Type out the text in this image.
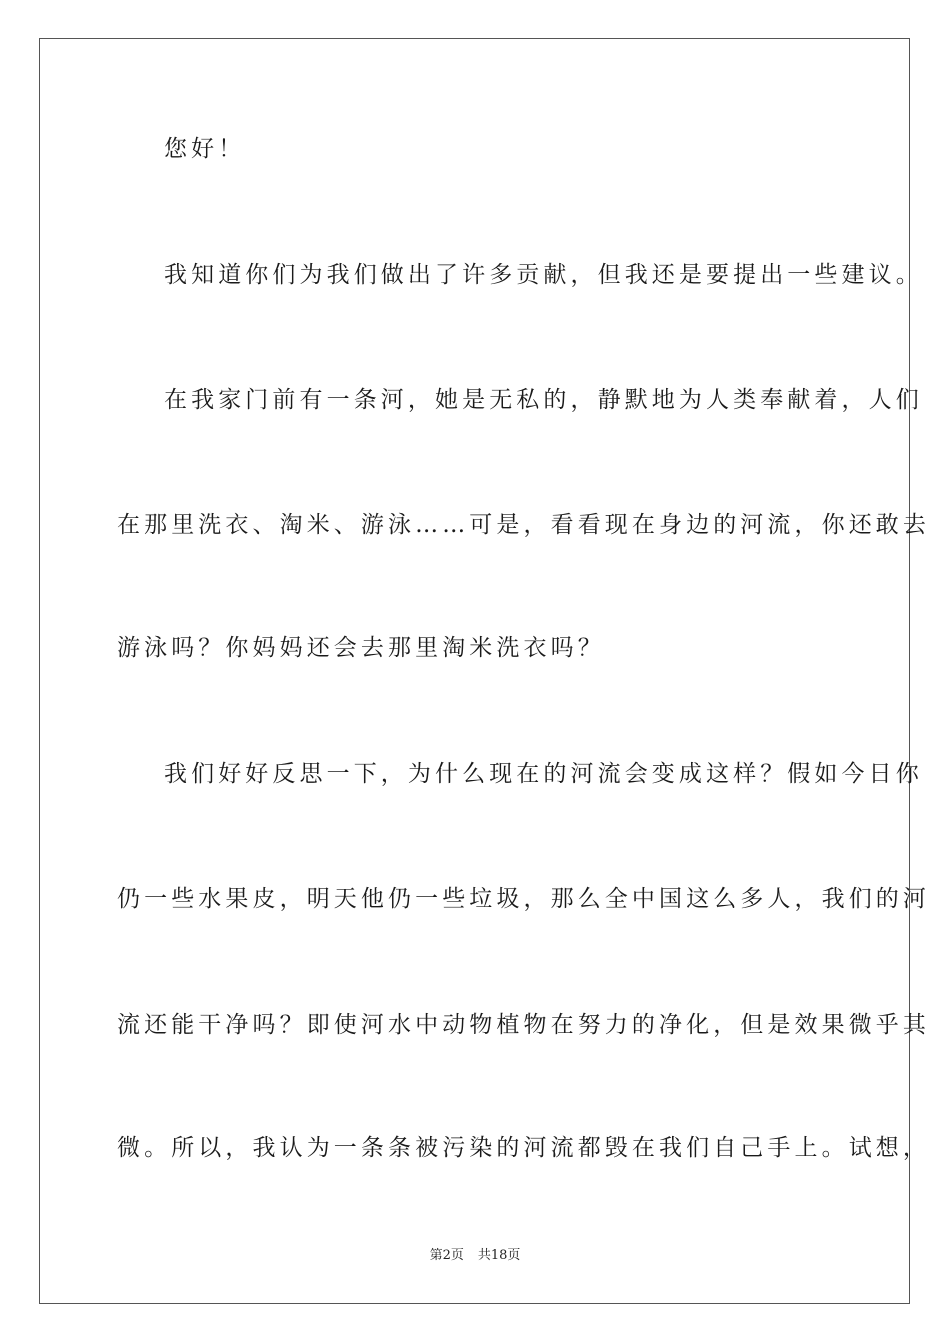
您好！
我知道你们为我们做出了许多贡献，但我还是要提出一些建议。
在我家门前有一条河，她是无私的，静默地为人类奉献着，人们
在那里洗衣、淘米、游泳……可是，看看现在身边的河流，你还敢去
游泳吗？你妈妈还会去那里淘米洗衣吗？
我们好好反思一下，为什么现在的河流会变成这样？假如今日你
仍一些水果皮，明天他仍一些垃圾，那么全中国这么多人，我们的河
流还能干净吗？即使河水中动物植物在努力的净化，但是效果微乎其
微。所以，我认为一条条被污染的河流都毁在我们自己手上。试想，
第2页 共18页
